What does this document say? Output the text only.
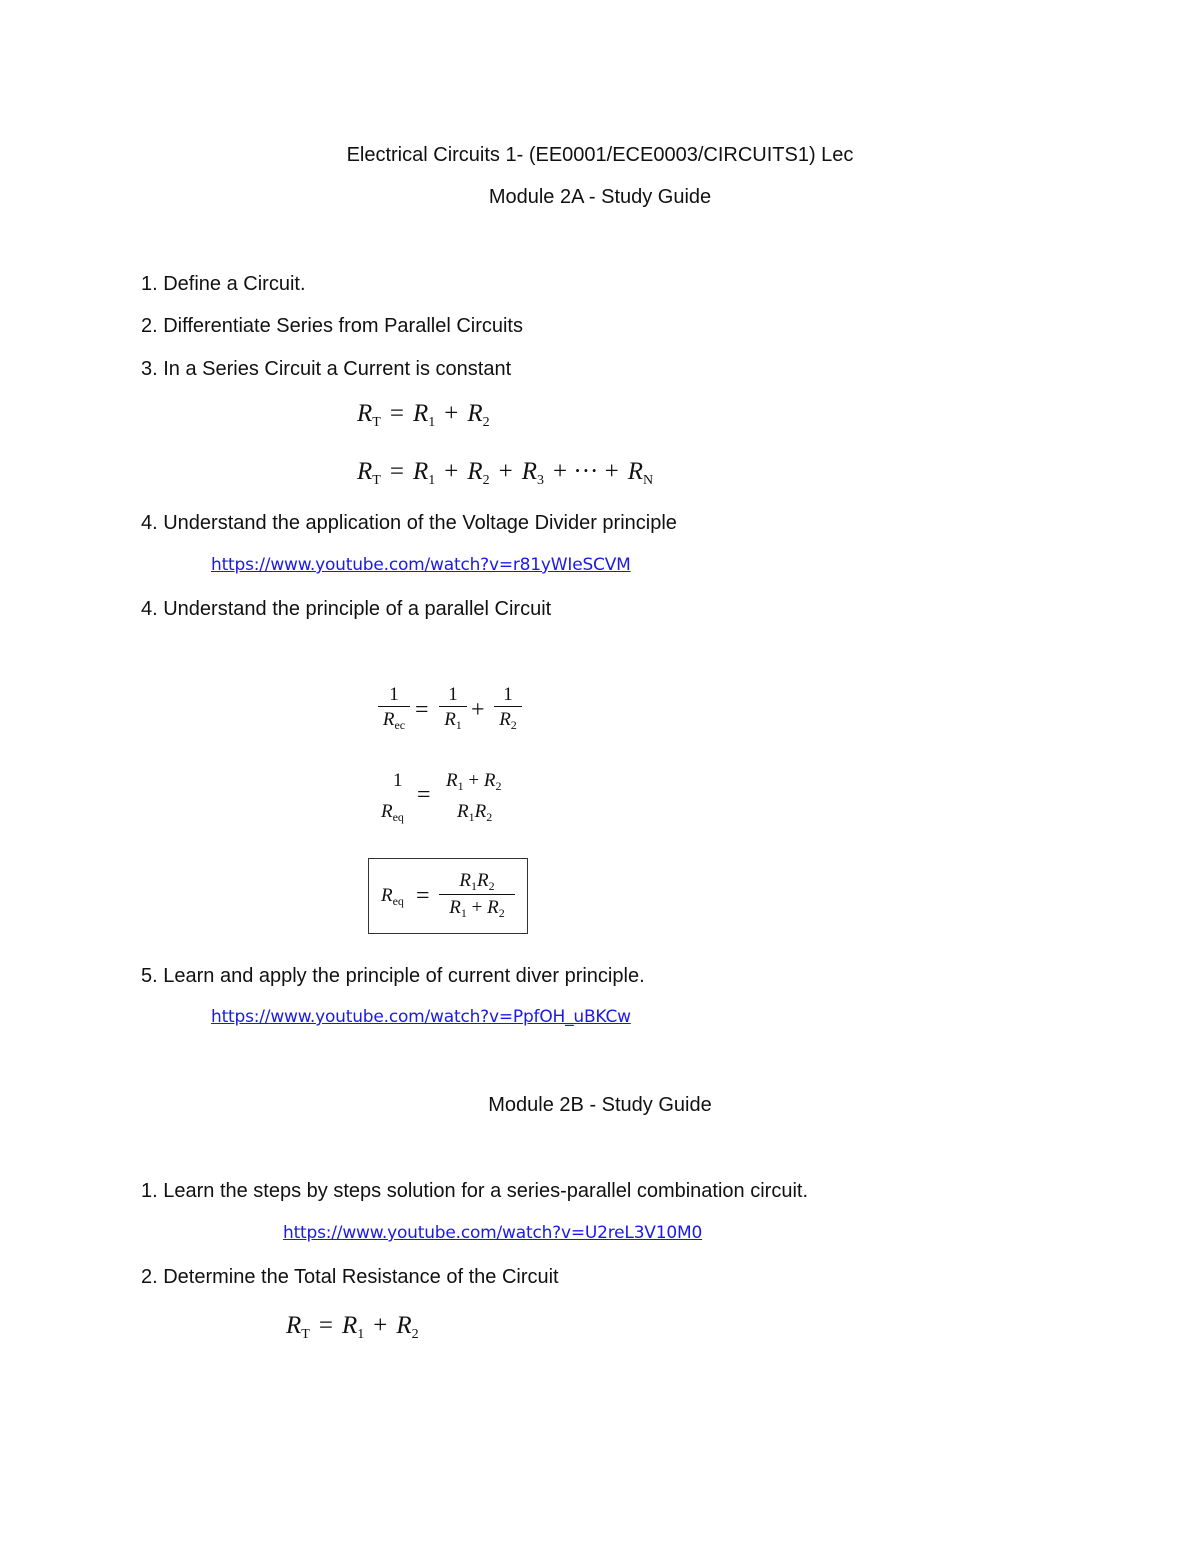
Electrical Circuits 1- (EE0001/ECE0003/CIRCUITS1) Lec
Module 2A - Study Guide
1. Define a Circuit.
2. Differentiate Series from Parallel Circuits
3. In a Series Circuit a Current is constant
$R_T = R_1 + R_2$
$R_T = R_1 + R_2 + R_3$ + ··· + $R_N$
4. Understand the application of the Voltage Divider principle
https://www.youtube.com/watch?v=r81yWIeSCVM
4. Understand the principle of a parallel Circuit
1
$R_{ec}$
= $\frac{1}{R_1} + \frac{1}{R_2}$
1
$R_{eq}$
=
$R_1 + R_2$
$R_1R_2$
$R_{eq} = \frac{R_1R_2}{R_1 + R_2}$
5. Learn and apply the principle of current diver principle.
https://www.youtube.com/watch?v=PpfOH_uBKCw
Module 2B - Study Guide
1. Learn the steps by steps solution for a series-parallel combination circuit.
https://www.youtube.com/watch?v=U2reL3V10M0
2. Determine the Total Resistance of the Circuit
$R_T = R_1 + R_2$
